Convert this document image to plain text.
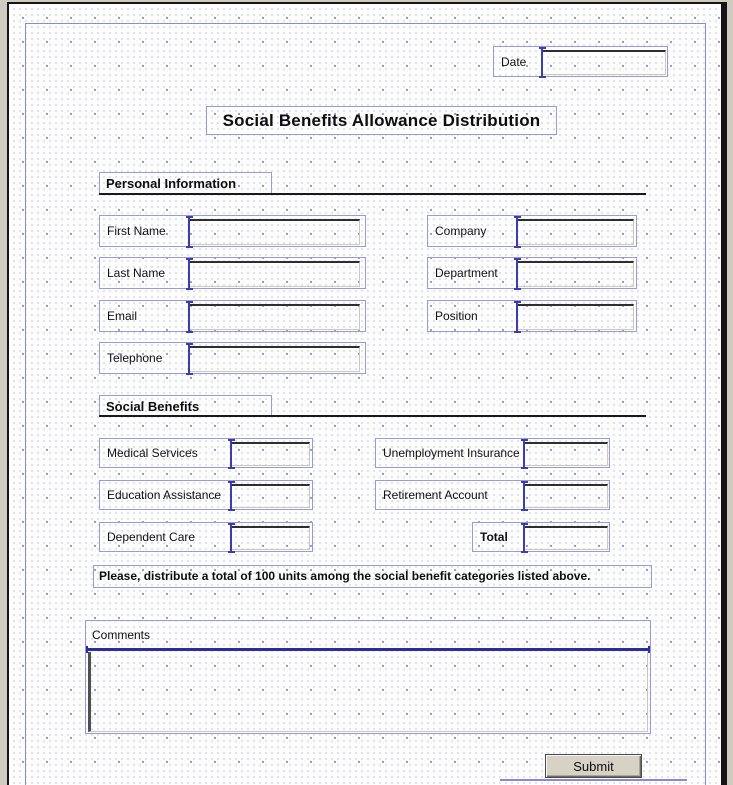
Date
Social Benefits Allowance Distribution
Personal Information
First Name
Last Name
Email
Telephone
Company
Department
Position
Social Benefits
Medical Services
Education Assistance
Dependent Care
Unemployment Insurance
Retirement Account
Total
Please, distribute a total of 100 units among the social benefit categories listed above.
Comments
Submit
